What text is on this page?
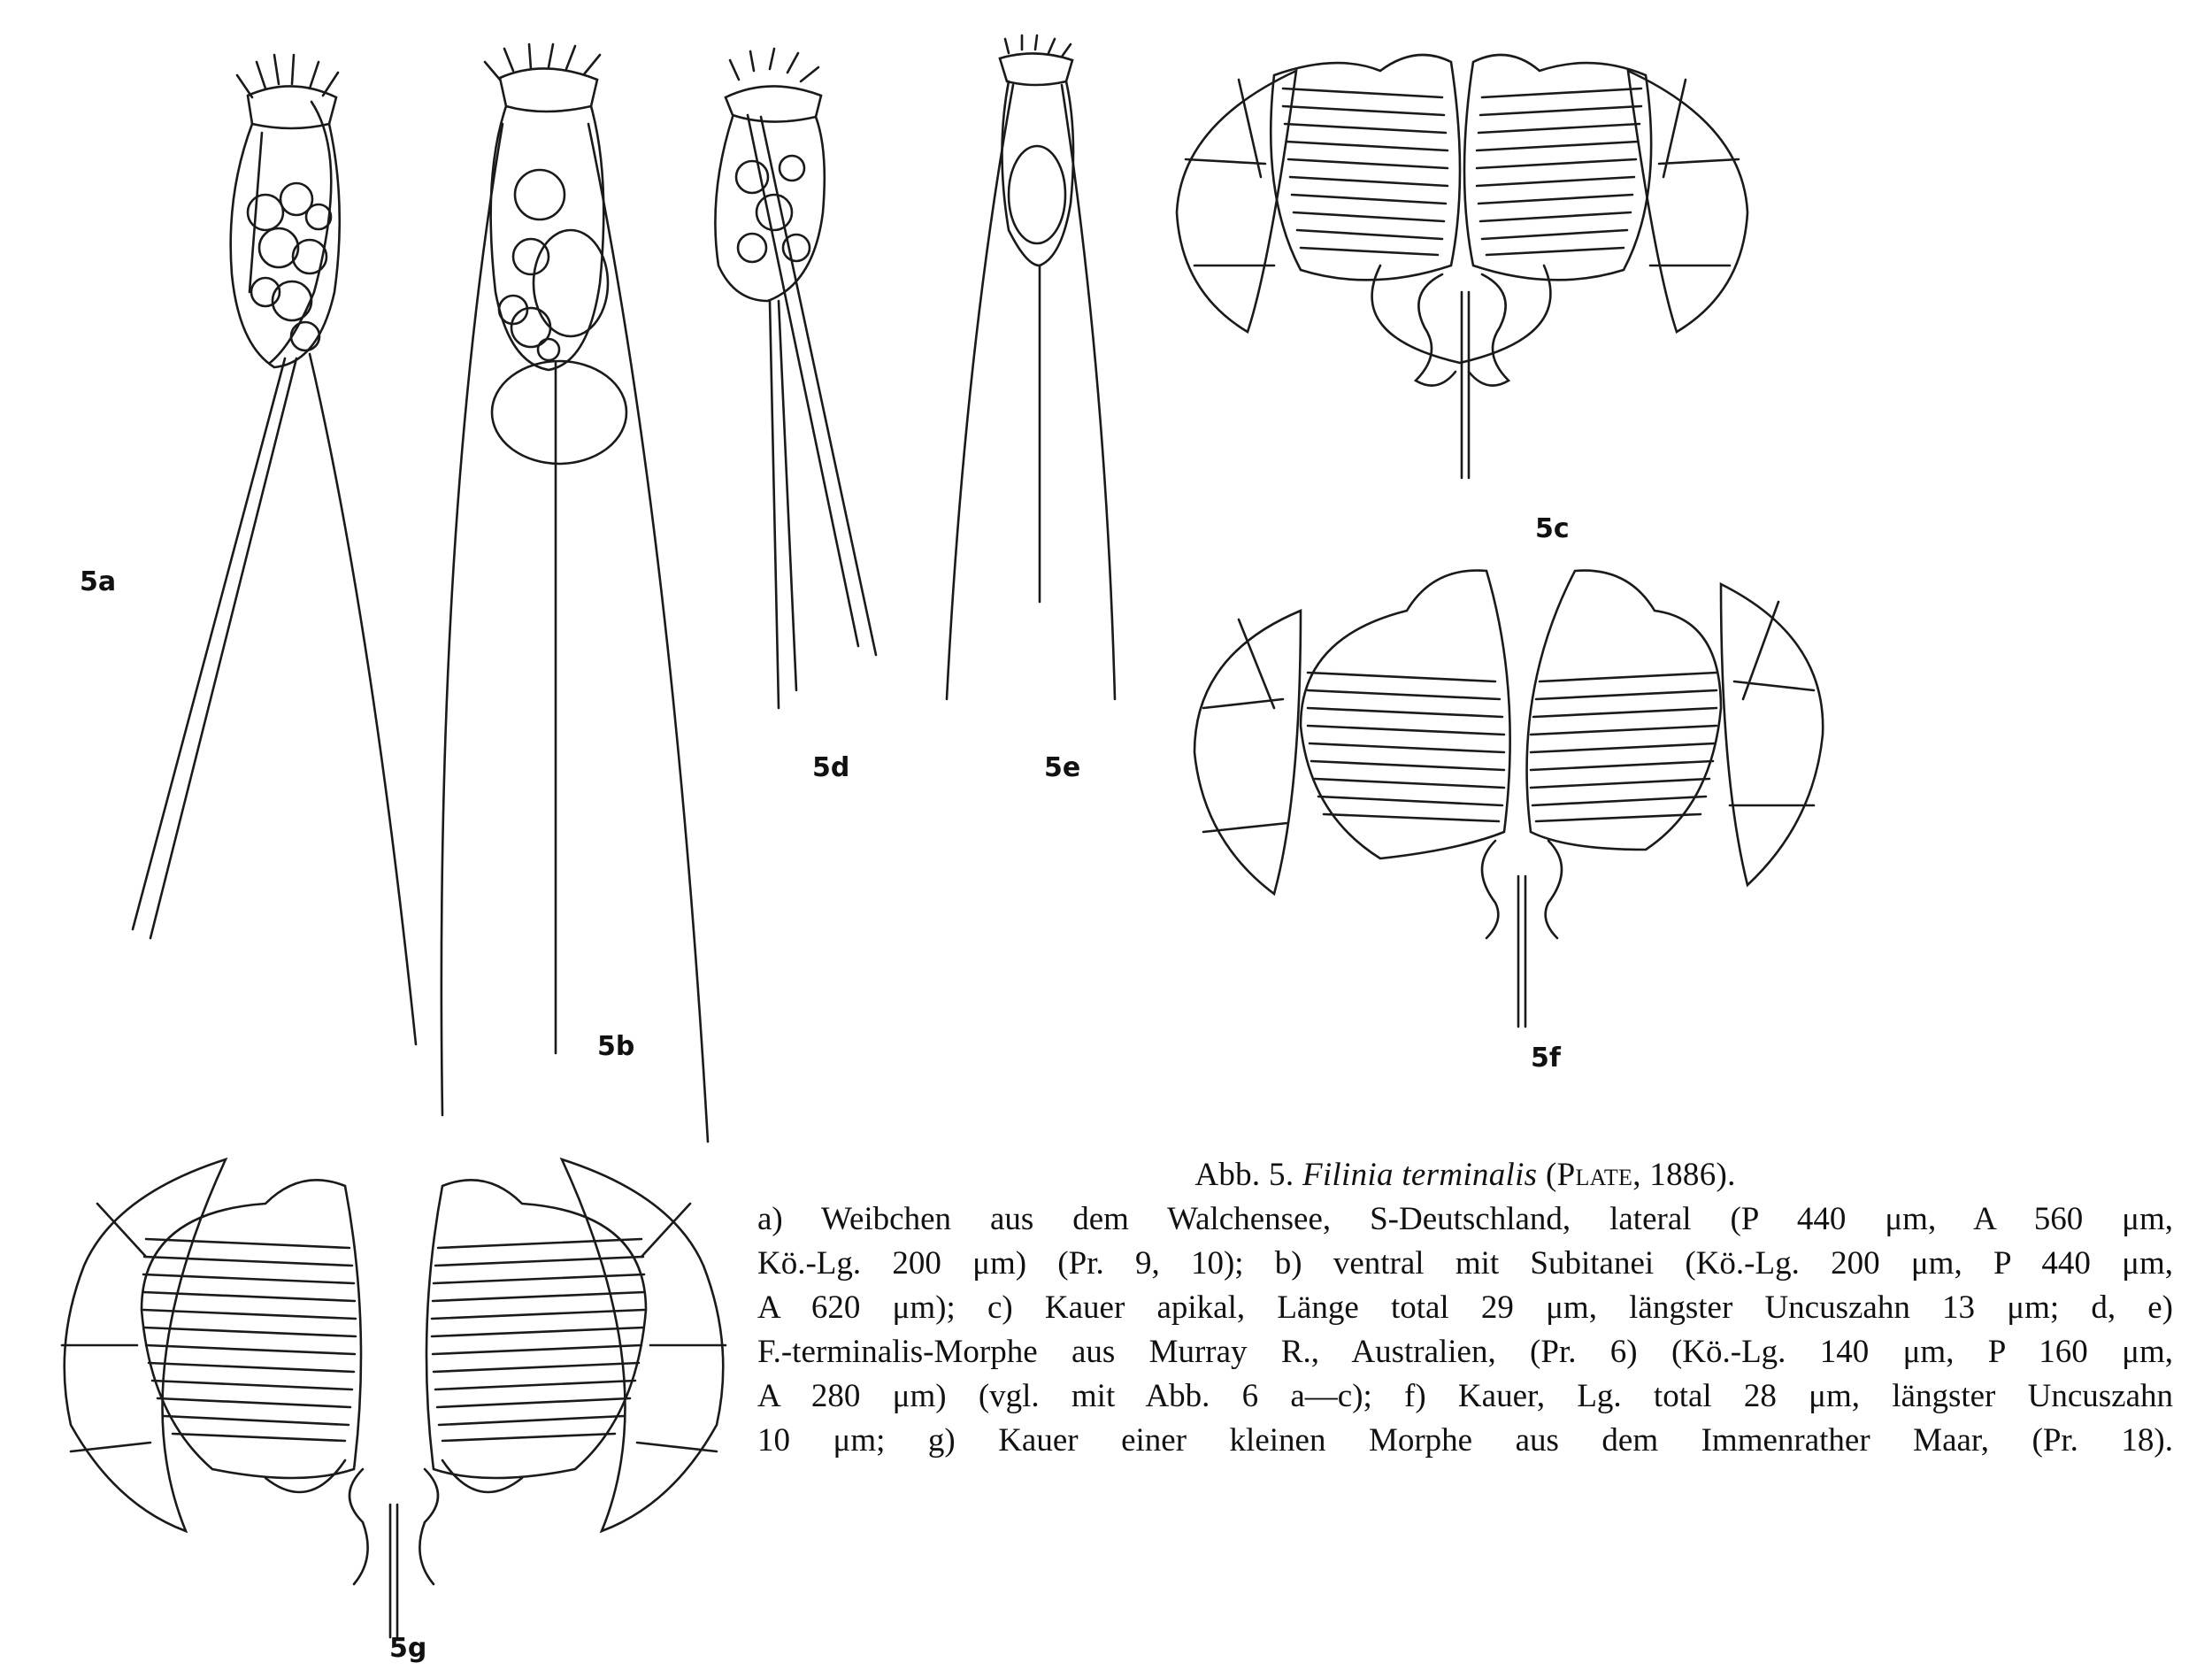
5a
5b
5c
5d	5e
5f
5g
Abb. 5. Filinia terminalis (Plate, 1886).
a) Weibchen aus dem Walchensee, S-Deutschland, lateral (P 440 μm, A 560 μm,
Kö.-Lg. 200 μm) (Pr. 9, 10); b) ventral mit Subitanei (Kö.-Lg. 200 μm, P 440 μm,
A 620 μm); c) Kauer apikal, Länge total 29 μm, längster Uncuszahn 13 μm; d, e)
F.-terminalis-Morphe aus Murray R., Australien, (Pr. 6) (Kö.-Lg. 140 μm, P 160 μm,
A 280 μm) (vgl. mit Abb. 6 a—c); f) Kauer, Lg. total 28 μm, längster Uncuszahn
10 μm; g) Kauer einer kleinen Morphe aus dem Immenrather Maar, (Pr. 18).
